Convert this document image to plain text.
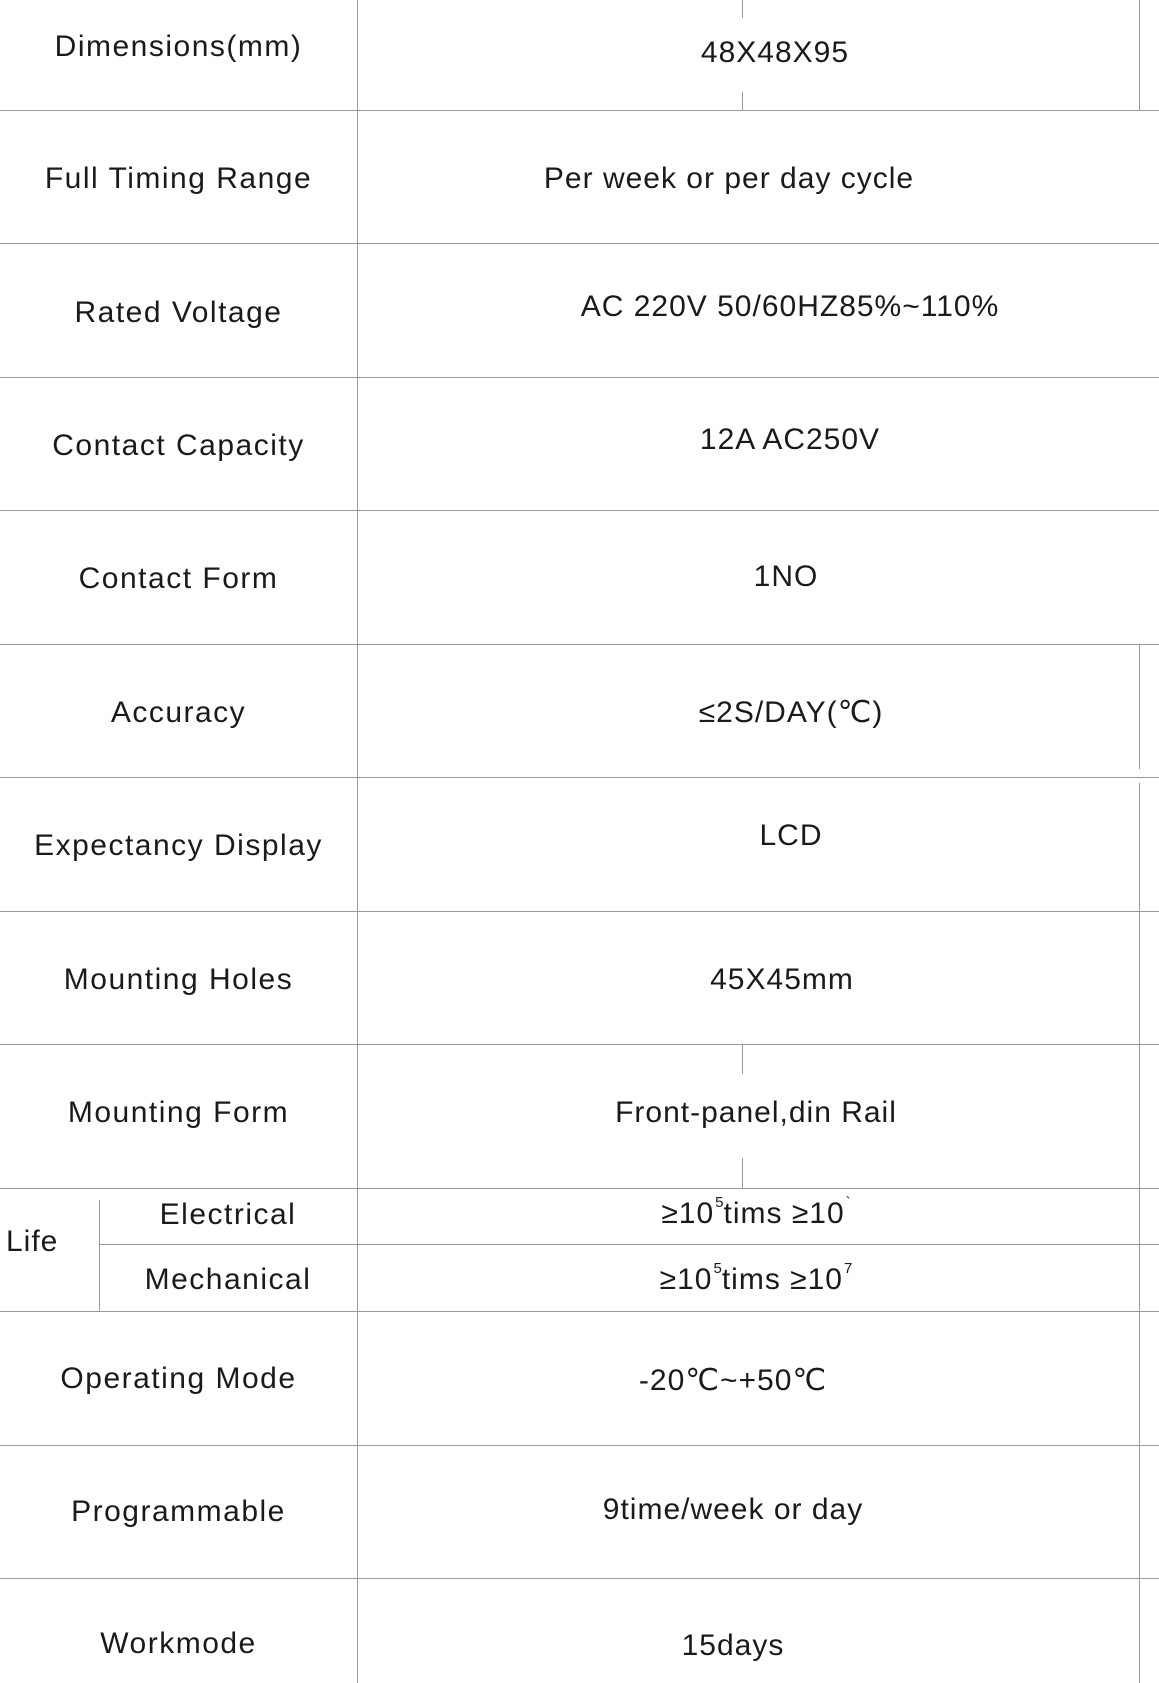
Dimensions(mm)	48X48X95
Full Timing Range	Per week or per day cycle
Rated Voltage	AC 220V 50/60HZ85%~110%
Contact Capacity	12A AC250V
Contact Form	1NO
Accuracy	≤2S/DAY(℃)
Expectancy Display	LCD
Mounting Holes	45X45mm
Mounting Form	Front-panel,din Rail
Life
Electrical	$\ge 10^5tims \ge 10^`$
Mechanical	$\ge 10^5tims \ge 10^7$
Operating Mode	-20℃~+50℃
Programmable	9time/week or day
Workmode	15days
